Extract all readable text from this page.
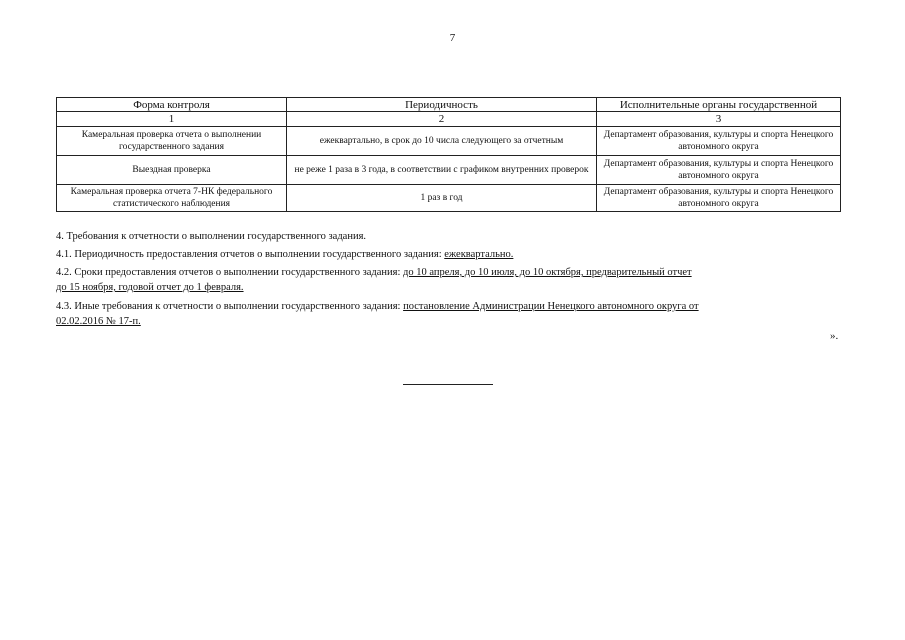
7
Форма контроля	Периодичность	Исполнительные органы государственной
1	2	3
Камеральная проверка отчета о выполнении государственного задания	ежеквартально, в срок до 10 числа следующего за отчетным	Департамент образования, культуры и спорта Ненецкого автономного округа
Выездная проверка	не реже 1 раза в 3 года, в соответствии с графиком внутренних проверок	Департамент образования, культуры и спорта Ненецкого автономного округа
Камеральная проверка отчета 7-НК федерального статистического наблюдения	1 раз в год	Департамент образования, культуры и спорта Ненецкого автономного округа
4. Требования к отчетности о выполнении государственного задания.
4.1. Периодичность предоставления отчетов о выполнении государственного задания: ежеквартально.
4.2. Сроки предоставления отчетов о выполнении государственного задания: до 10 апреля, до 10 июля, до 10 октября, предварительный отчет
до 15 ноября, годовой отчет до 1 февраля.
4.3. Иные требования к отчетности о выполнении государственного задания: постановление Администрации Ненецкого автономного округа от
02.02.2016 № 17-п.
».
